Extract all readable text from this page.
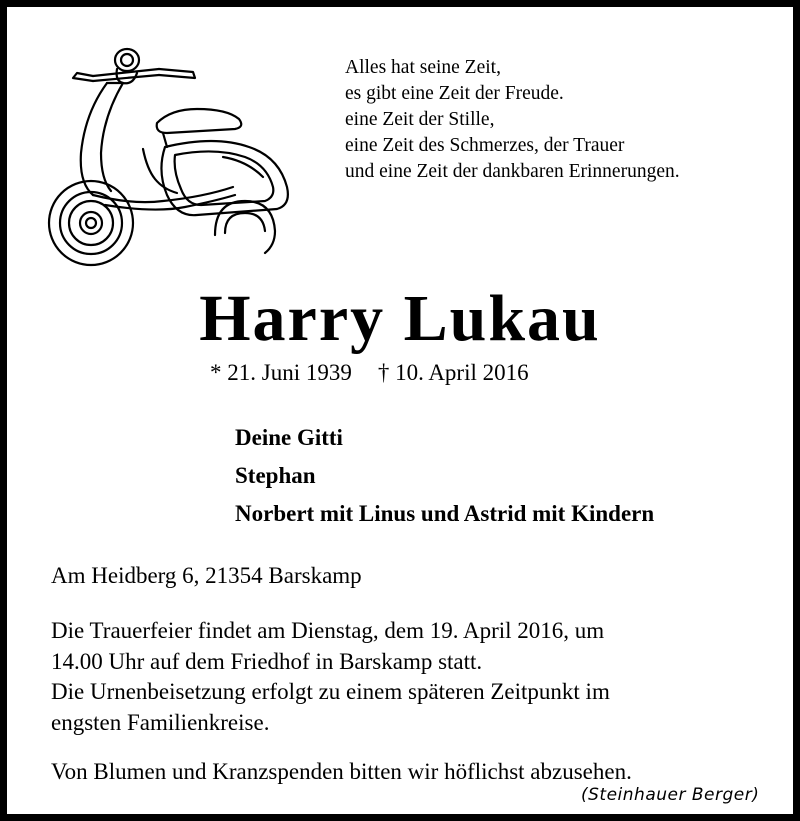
Alles hat seine Zeit,
es gibt eine Zeit der Freude.
eine Zeit der Stille,
eine Zeit des Schmerzes, der Trauer
und eine Zeit der dankbaren Erinnerungen.
Harry Lukau
* 21. Juni 1939 † 10. April 2016
Deine Gitti
Stephan
Norbert mit Linus und Astrid mit Kindern
Am Heidberg 6, 21354 Barskamp
Die Trauerfeier findet am Dienstag, dem 19. April 2016, um
14.00 Uhr auf dem Friedhof in Barskamp statt.
Die Urnenbeisetzung erfolgt zu einem späteren Zeitpunkt im
engsten Familienkreise.
Von Blumen und Kranzspenden bitten wir höflichst abzusehen.
(Steinhauer Berger)
